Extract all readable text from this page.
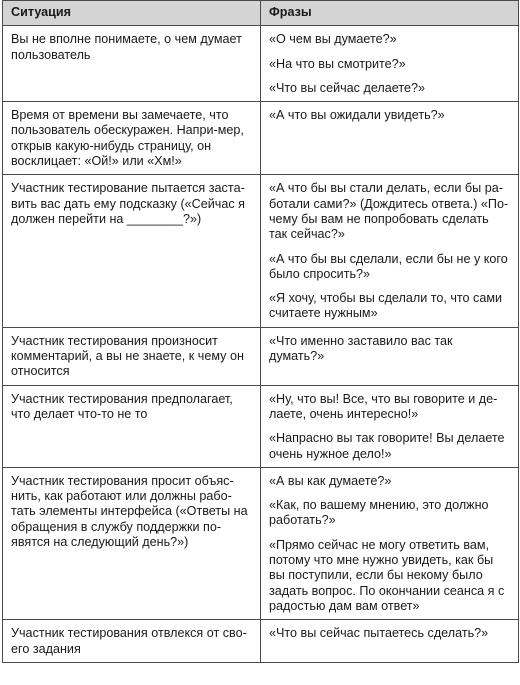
Ситуация	Фразы
Вы не вполне понимаете, о чем думает пользователь	«О чем вы думаете?»

«На что вы смотрите?»

«Что вы сейчас делаете?»

Время от времени вы замечаете, что пользователь обескуражен. Напри-мер, открыв какую-нибудь страницу, он восклицает: «Ой!» или «Хм!»	«А что вы ожидали увидеть?»

Участник тестирование пытается застa-вить вас дать ему подсказку («Сейчас я должен перейти на ________?»)	«А что бы вы стали делать, если бы ра-ботали сами?» (Дождитесь ответа.) «По-чему бы вам не попробовать сделать так сейчас?»

«А что бы вы сделали, если бы не у кого было спросить?»

«Я хочу, чтобы вы сделали то, что сами считаете нужным»

Участник тестирования произносит комментарий, а вы не знаете, к чему он относится	«Что именно заставило вас так думать?»

Участник тестирования предполагает, что делает что-то не то	«Ну, что вы! Все, что вы говорите и де-лаете, очень интересно!»

«Напрасно вы так говорите! Вы делаете очень нужное дело!»

Участник тестирования просит объяс-нить, как работают или должны рабо-тать элементы интерфейса («Ответы на обращения в службу поддержки по-явятся на следующий день?»)	«А вы как думаете?»

«Как, по вашему мнению, это должно работать?»

«Прямо сейчас не могу ответить вам, потому что мне нужно увидеть, как бы вы поступили, если бы некому было задать вопрос. По окончании сеанса я с радостью дам вам ответ»

Участник тестирования отвлекся от сво-его задания	«Что вы сейчас пытаетесь сделать?»
